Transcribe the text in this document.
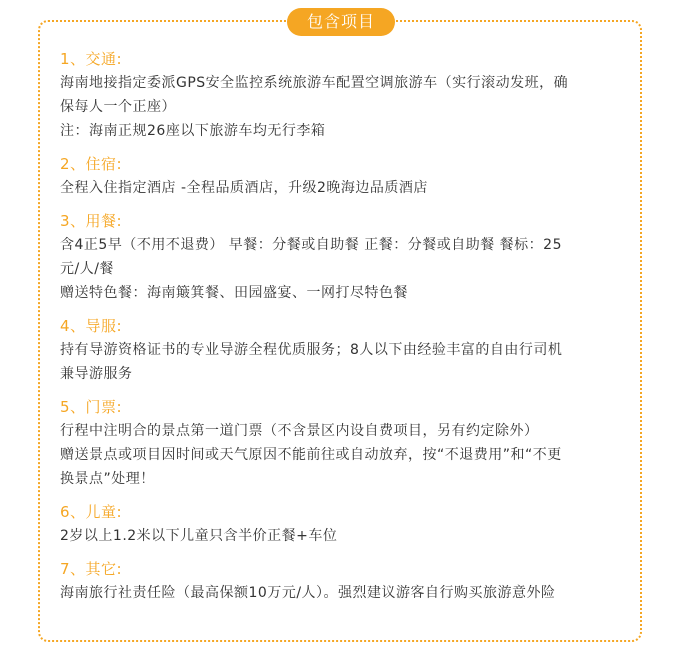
包含项目
1、交通:
海南地接指定委派GPS安全监控系统旅游车配置空调旅游车（实行滚动发班，确
保每人一个正座）
注：海南正规26座以下旅游车均无行李箱
2、住宿:
全程入住指定酒店 -全程品质酒店，升级2晚海边品质酒店
3、用餐:
含4正5早（不用不退费） 早餐：分餐或自助餐 正餐：分餐或自助餐 餐标：25
元/人/餐
赠送特色餐：海南簸箕餐、田园盛宴、一网打尽特色餐
4、导服:
持有导游资格证书的专业导游全程优质服务；8人以下由经验丰富的自由行司机
兼导游服务
5、门票:
行程中注明合的景点第一道门票（不含景区内设自费项目，另有约定除外）
赠送景点或项目因时间或天气原因不能前往或自动放弃，按“不退费用”和“不更
换景点”处理！
6、儿童:
2岁以上1.2米以下儿童只含半价正餐+车位
7、其它:
海南旅行社责任险（最高保额10万元/人）。强烈建议游客自行购买旅游意外险
